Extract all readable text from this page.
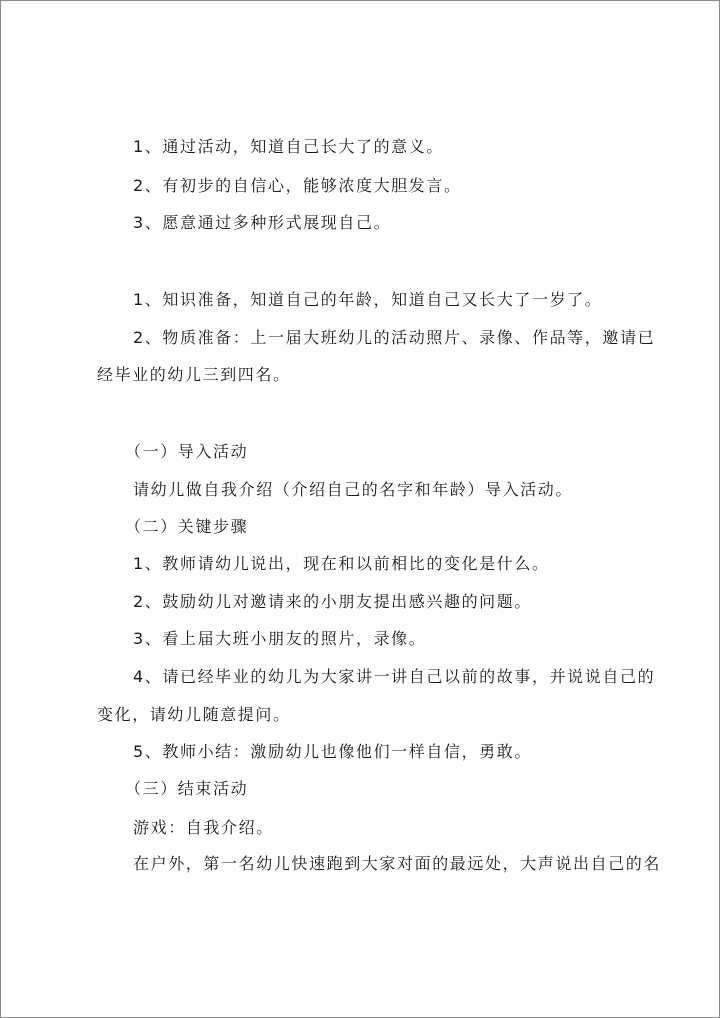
1、通过活动，知道自己长大了的意义。
2、有初步的自信心，能够浓度大胆发言。
3、愿意通过多种形式展现自己。
1、知识准备，知道自己的年龄，知道自己又长大了一岁了。
2、物质准备：上一届大班幼儿的活动照片、录像、作品等，邀请已
经毕业的幼儿三到四名。
（一）导入活动
请幼儿做自我介绍（介绍自己的名字和年龄）导入活动。
（二）关键步骤
1、教师请幼儿说出，现在和以前相比的变化是什么。
2、鼓励幼儿对邀请来的小朋友提出感兴趣的问题。
3、看上届大班小朋友的照片，录像。
4、请已经毕业的幼儿为大家讲一讲自己以前的故事，并说说自己的
变化，请幼儿随意提问。
5、教师小结：激励幼儿也像他们一样自信，勇敢。
（三）结束活动
游戏：自我介绍。
在户外，第一名幼儿快速跑到大家对面的最远处，大声说出自己的名
